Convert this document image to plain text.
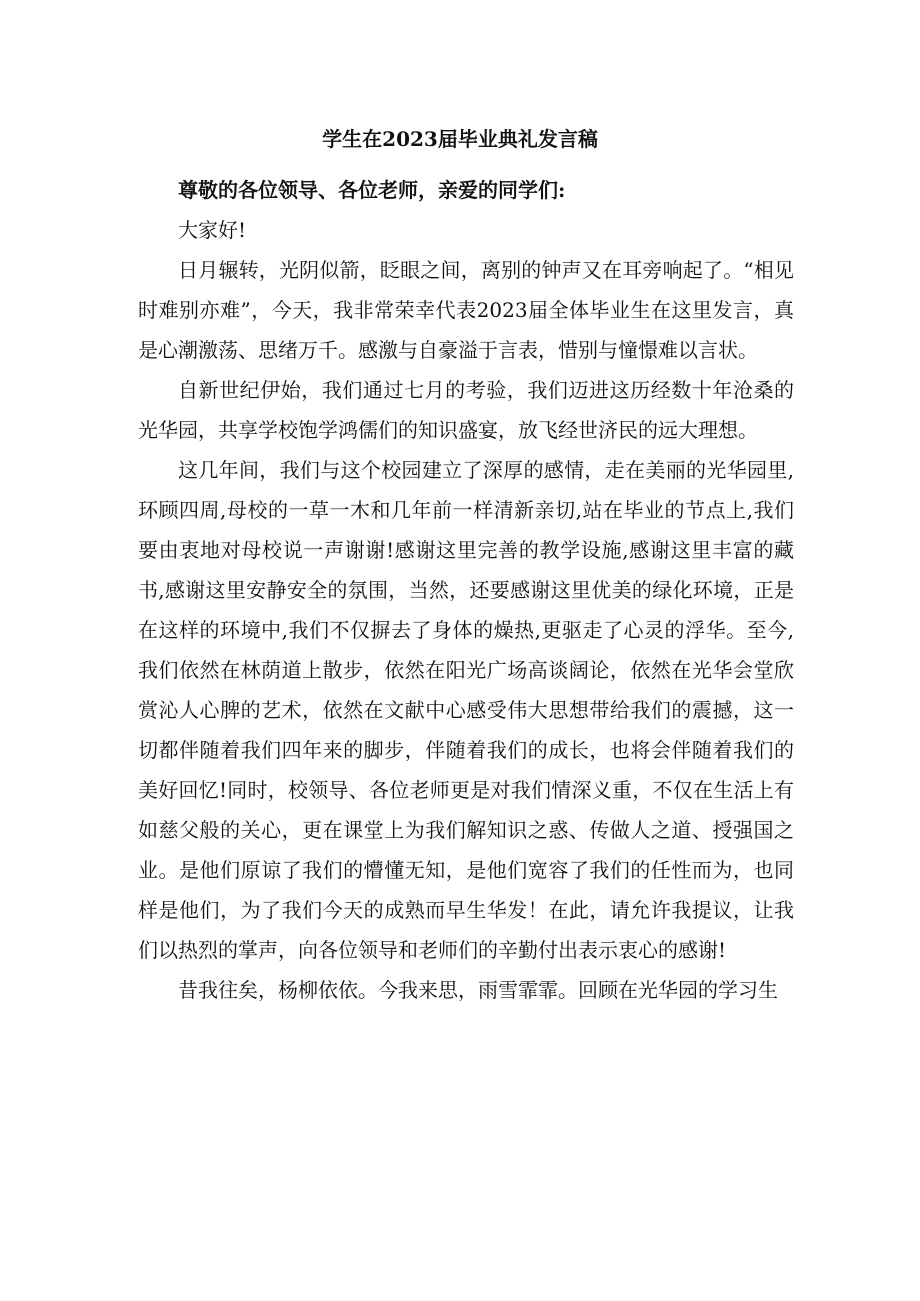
学生在2023届毕业典礼发言稿

尊敬的各位领导、各位老师，亲爱的同学们:

大家好!

日月辗转，光阴似箭，眨眼之间，离别的钟声又在耳旁响起了。“相见时难别亦难”，今天，我非常荣幸代表2023届全体毕业生在这里发言，真是心潮激荡、思绪万千。感激与自豪溢于言表，惜别与憧憬难以言状。

自新世纪伊始，我们通过七月的考验，我们迈进这历经数十年沧桑的光华园，共享学校饱学鸿儒们的知识盛宴，放飞经世济民的远大理想。

这几年间，我们与这个校园建立了深厚的感情，走在美丽的光华园里,环顾四周,母校的一草一木和几年前一样清新亲切,站在毕业的节点上,我们要由衷地对母校说一声谢谢!感谢这里完善的教学设施,感谢这里丰富的藏书,感谢这里安静安全的氛围，当然，还要感谢这里优美的绿化环境，正是在这样的环境中,我们不仅摒去了身体的燥热,更驱走了心灵的浮华。至今,我们依然在林荫道上散步，依然在阳光广场高谈阔论，依然在光华会堂欣赏沁人心脾的艺术，依然在文献中心感受伟大思想带给我们的震撼，这一切都伴随着我们四年来的脚步，伴随着我们的成长，也将会伴随着我们的美好回忆!同时，校领导、各位老师更是对我们情深义重，不仅在生活上有如慈父般的关心，更在课堂上为我们解知识之惑、传做人之道、授强国之业。是他们原谅了我们的懵懂无知，是他们宽容了我们的任性而为，也同样是他们，为了我们今天的成熟而早生华发！在此，请允许我提议，让我们以热烈的掌声，向各位领导和老师们的辛勤付出表示衷心的感谢!

昔我往矣，杨柳依依。今我来思，雨雪霏霏。回顾在光华园的学习生
